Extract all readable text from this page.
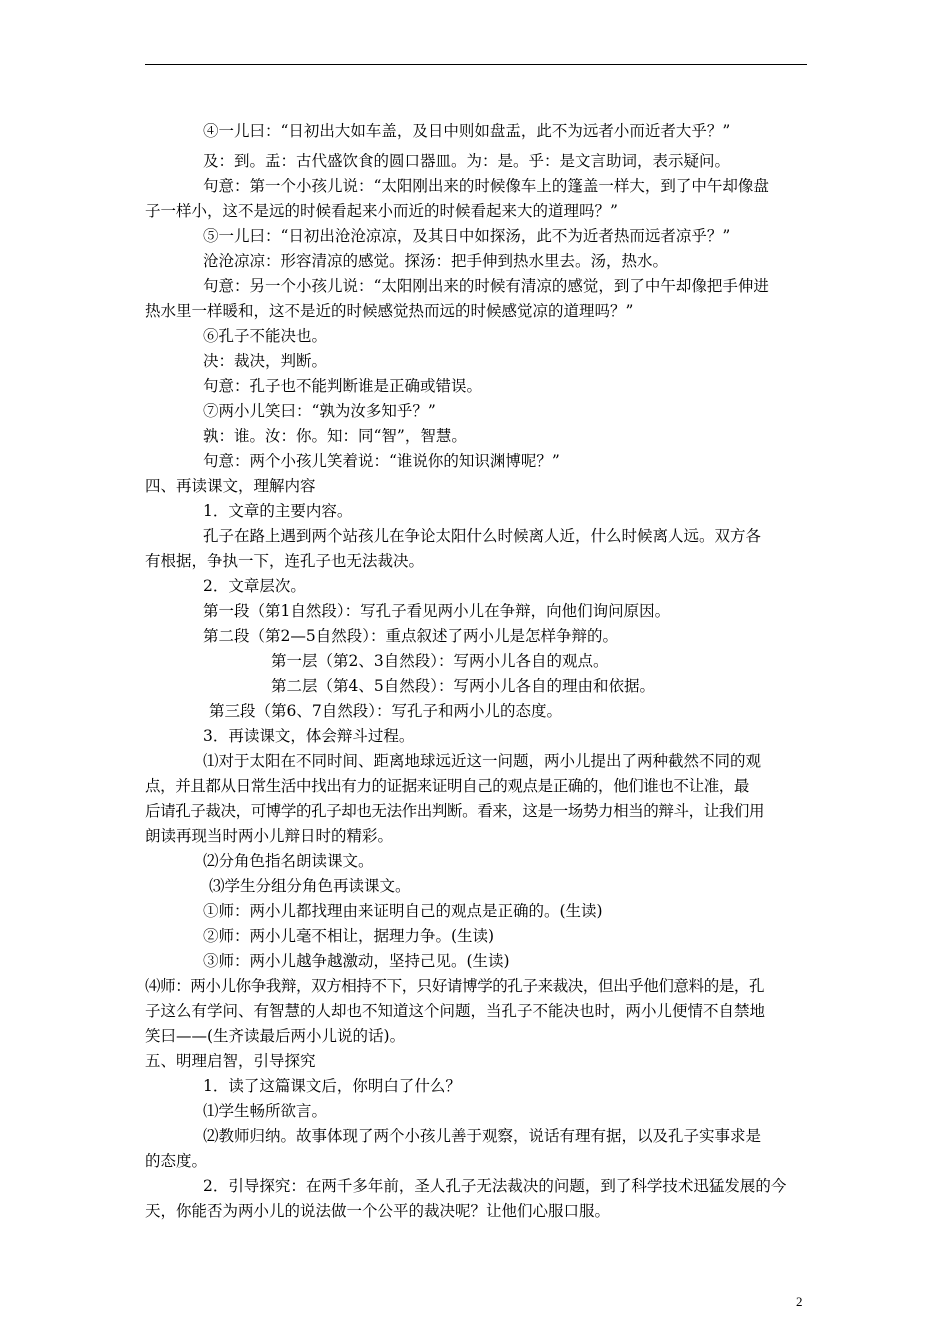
④一儿曰：“日初出大如车盖，及日中则如盘盂，此不为远者小而近者大乎？”
及：到。盂：古代盛饮食的圆口器皿。为：是。乎：是文言助词，表示疑问。
句意：第一个小孩儿说：“太阳刚出来的时候像车上的篷盖一样大，到了中午却像盘
子一样小，这不是远的时候看起来小而近的时候看起来大的道理吗？”
⑤一儿曰：“日初出沧沧凉凉，及其日中如探汤，此不为近者热而远者凉乎？”
沧沧凉凉：形容清凉的感觉。探汤：把手伸到热水里去。汤，热水。
句意：另一个小孩儿说：“太阳刚出来的时候有清凉的感觉，到了中午却像把手伸进
热水里一样暖和，这不是近的时候感觉热而远的时候感觉凉的道理吗？”
⑥孔子不能决也。
决：裁决，判断。
句意：孔子也不能判断谁是正确或错误。
⑦两小儿笑曰：“孰为汝多知乎？”
孰：谁。汝：你。知：同“智”，智慧。
句意：两个小孩儿笑着说：“谁说你的知识渊博呢？”
四、再读课文，理解内容
1．文章的主要内容。
孔子在路上遇到两个站孩儿在争论太阳什么时候离人近，什么时候离人远。双方各
有根据，争执一下，连孔子也无法裁决。
2．文章层次。
第一段（第1自然段）：写孔子看见两小儿在争辩，向他们询问原因。
第二段（第2—5自然段）：重点叙述了两小儿是怎样争辩的。
第一层（第2、3自然段）：写两小儿各自的观点。
第二层（第4、5自然段）：写两小儿各自的理由和依据。
第三段（第6、7自然段）：写孔子和两小儿的态度。
3．再读课文，体会辩斗过程。
⑴对于太阳在不同时间、距离地球远近这一问题，两小儿提出了两种截然不同的观
点，并且都从日常生活中找出有力的证据来证明自己的观点是正确的，他们谁也不让准，最
后请孔子裁决，可博学的孔子却也无法作出判断。看来，这是一场势力相当的辩斗，让我们用
朗读再现当时两小儿辩日时的精彩。
⑵分角色指名朗读课文。
⑶学生分组分角色再读课文。
①师：两小儿都找理由来证明自己的观点是正确的。(生读)
②师：两小儿毫不相让，据理力争。(生读)
③师：两小儿越争越激动，坚持己见。(生读)
⑷师：两小儿你争我辩，双方相持不下，只好请博学的孔子来裁决，但出乎他们意料的是，孔
子这么有学问、有智慧的人却也不知道这个问题，当孔子不能决也时，两小儿便情不自禁地
笑曰——(生齐读最后两小儿说的话)。
五、明理启智，引导探究
1．读了这篇课文后，你明白了什么？
⑴学生畅所欲言。
⑵教师归纳。故事体现了两个小孩儿善于观察，说话有理有据，以及孔子实事求是
的态度。
2．引导探究：在两千多年前，圣人孔子无法裁决的问题，到了科学技术迅猛发展的今
天，你能否为两小儿的说法做一个公平的裁决呢？让他们心服口服。
2
